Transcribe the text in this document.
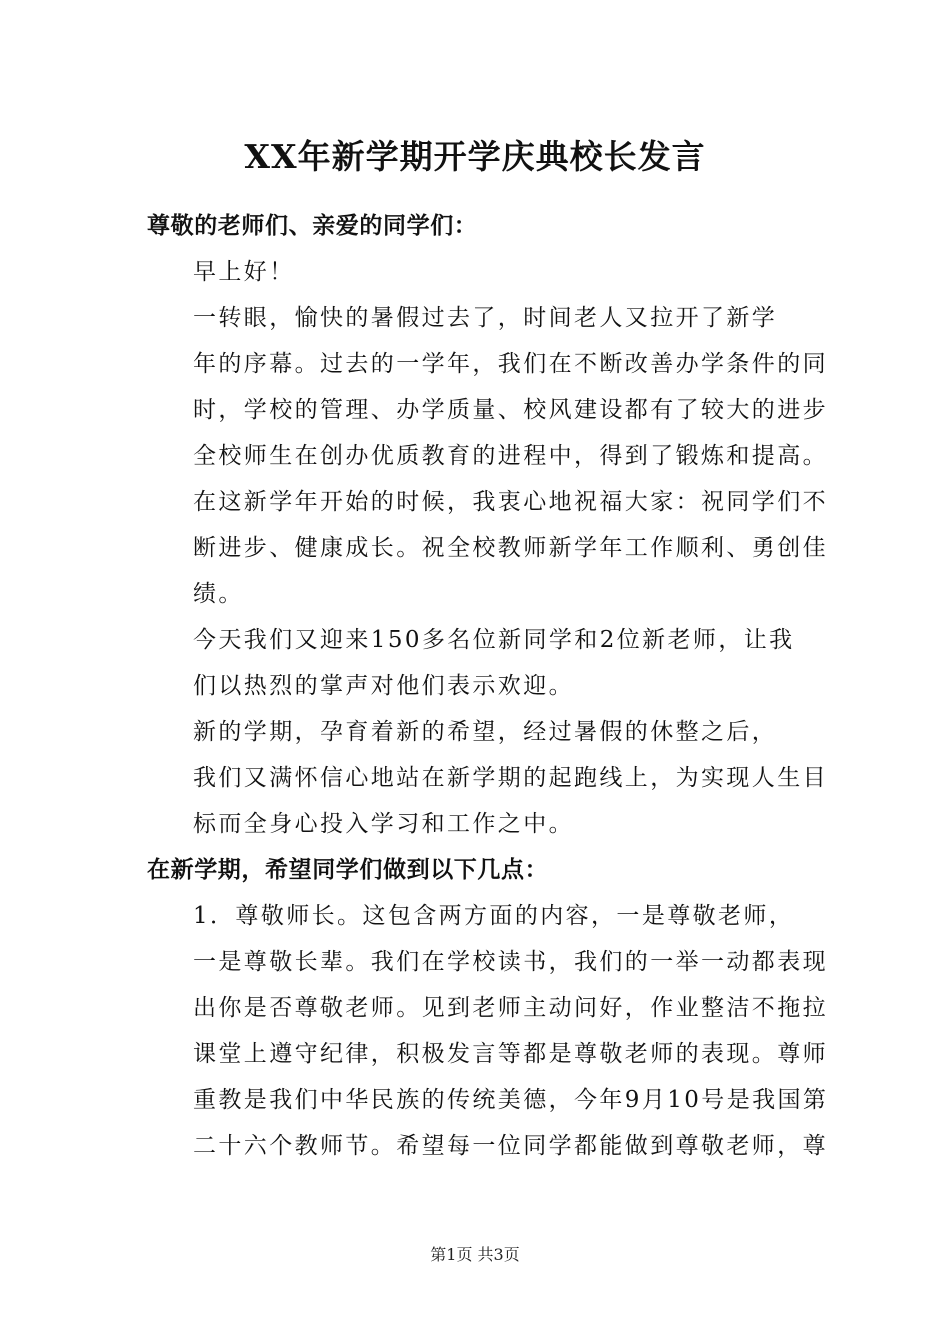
XX年新学期开学庆典校长发言

尊敬的老师们、亲爱的同学们：

早上好！

一转眼，愉快的暑假过去了，时间老人又拉开了新学
年的序幕。过去的一学年，我们在不断改善办学条件的同
时，学校的管理、办学质量、校风建设都有了较大的进步
全校师生在创办优质教育的进程中，得到了锻炼和提高。
在这新学年开始的时候，我衷心地祝福大家：祝同学们不
断进步、健康成长。祝全校教师新学年工作顺利、勇创佳
绩。

今天我们又迎来150多名位新同学和2位新老师，让我
们以热烈的掌声对他们表示欢迎。

新的学期，孕育着新的希望，经过暑假的休整之后，
我们又满怀信心地站在新学期的起跑线上，为实现人生目
标而全身心投入学习和工作之中。

在新学期，希望同学们做到以下几点：

1．尊敬师长。这包含两方面的内容，一是尊敬老师，
一是尊敬长辈。我们在学校读书，我们的一举一动都表现
出你是否尊敬老师。见到老师主动问好，作业整洁不拖拉
课堂上遵守纪律，积极发言等都是尊敬老师的表现。尊师
重教是我们中华民族的传统美德，今年9月10号是我国第
二十六个教师节。希望每一位同学都能做到尊敬老师，尊

第1页 共3页
